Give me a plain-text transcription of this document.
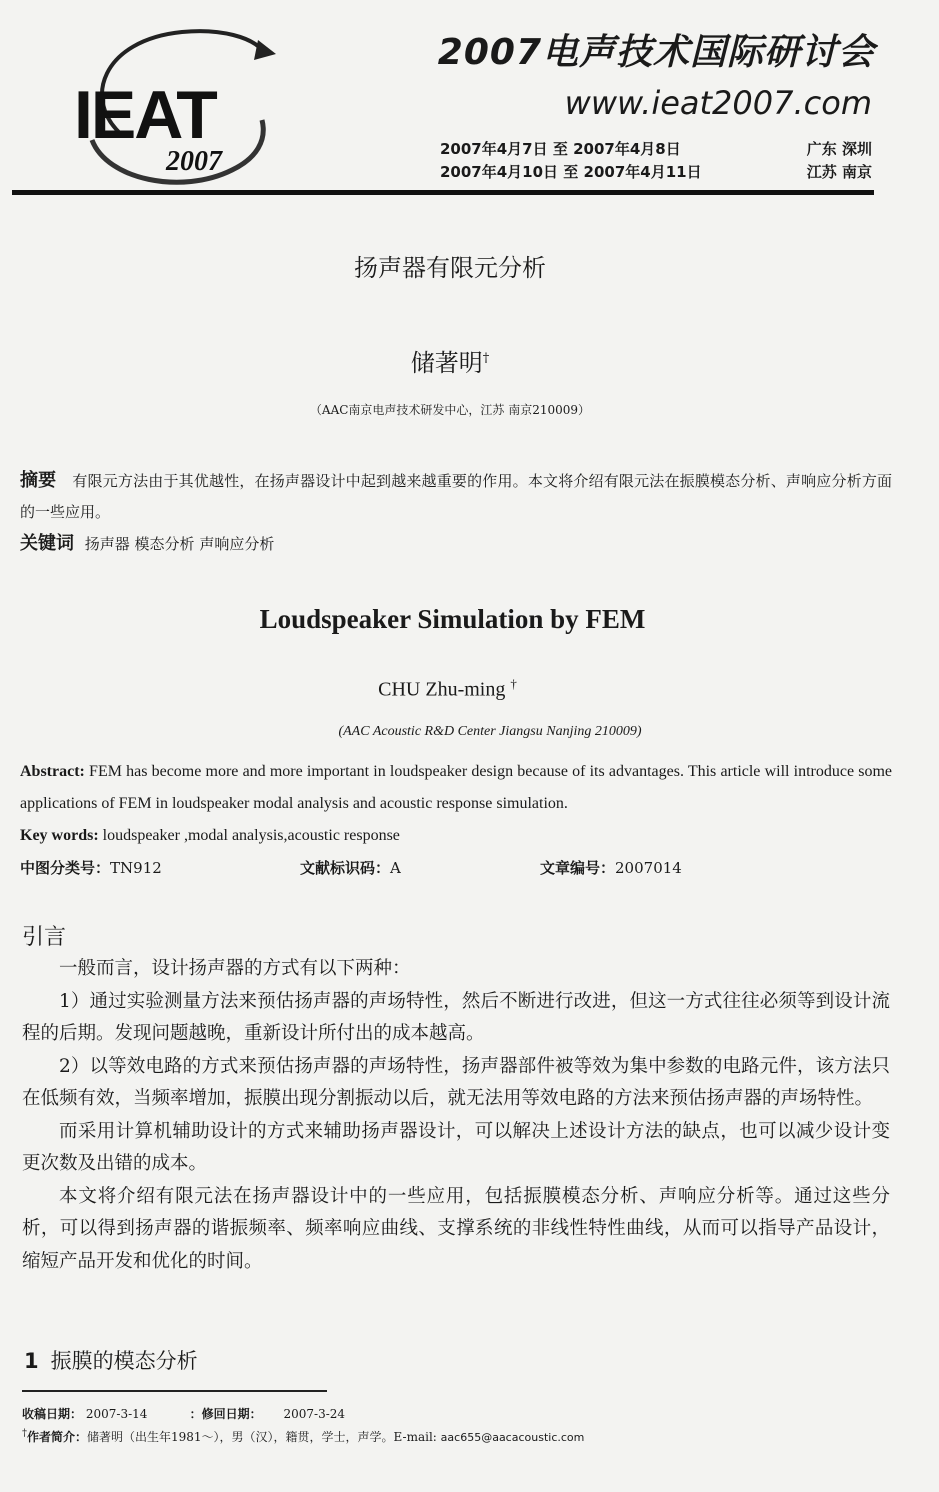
IEAT
2007
2007电声技术国际研讨会
www.ieat2007.com
2007年4月7日 至 2007年4月8日	广东 深圳
2007年4月10日 至 2007年4月11日	江苏 南京
扬声器有限元分析
储著明†
（AAC南京电声技术研发中心，江苏 南京210009）
摘要 有限元方法由于其优越性，在扬声器设计中起到越来越重要的作用。本文将介绍有限元法在振膜模态分析、声响应分析方面的一些应用。
关键词 扬声器 模态分析 声响应分析
Loudspeaker Simulation by FEM
CHU Zhu-ming †
(AAC Acoustic R&D Center Jiangsu Nanjing 210009)
Abstract: FEM has become more and more important in loudspeaker design because of its advantages. This article will introduce some applications of FEM in loudspeaker modal analysis and acoustic response simulation.
Key words: loudspeaker ,modal analysis,acoustic response
中图分类号：TN912	文献标识码：A	文章编号：2007014
引言

一般而言，设计扬声器的方式有以下两种：

1）通过实验测量方法来预估扬声器的声场特性，然后不断进行改进，但这一方式往往必须等到设计流程的后期。发现问题越晚，重新设计所付出的成本越高。

2）以等效电路的方式来预估扬声器的声场特性，扬声器部件被等效为集中参数的电路元件，该方法只在低频有效，当频率增加，振膜出现分割振动以后，就无法用等效电路的方法来预估扬声器的声场特性。

而采用计算机辅助设计的方式来辅助扬声器设计，可以解决上述设计方法的缺点，也可以减少设计变更次数及出错的成本。

本文将介绍有限元法在扬声器设计中的一些应用，包括振膜模态分析、声响应分析等。通过这些分析，可以得到扬声器的谐振频率、频率响应曲线、支撑系统的非线性特性曲线，从而可以指导产品设计，缩短产品开发和优化的时间。

1 振膜的模态分析
收稿日期： 2007-3-14	：修回日期： 2007-3-24
†作者简介：储著明（出生年1981～），男（汉），籍贯，学士，声学。E-mail: aac655@aacacoustic.com
